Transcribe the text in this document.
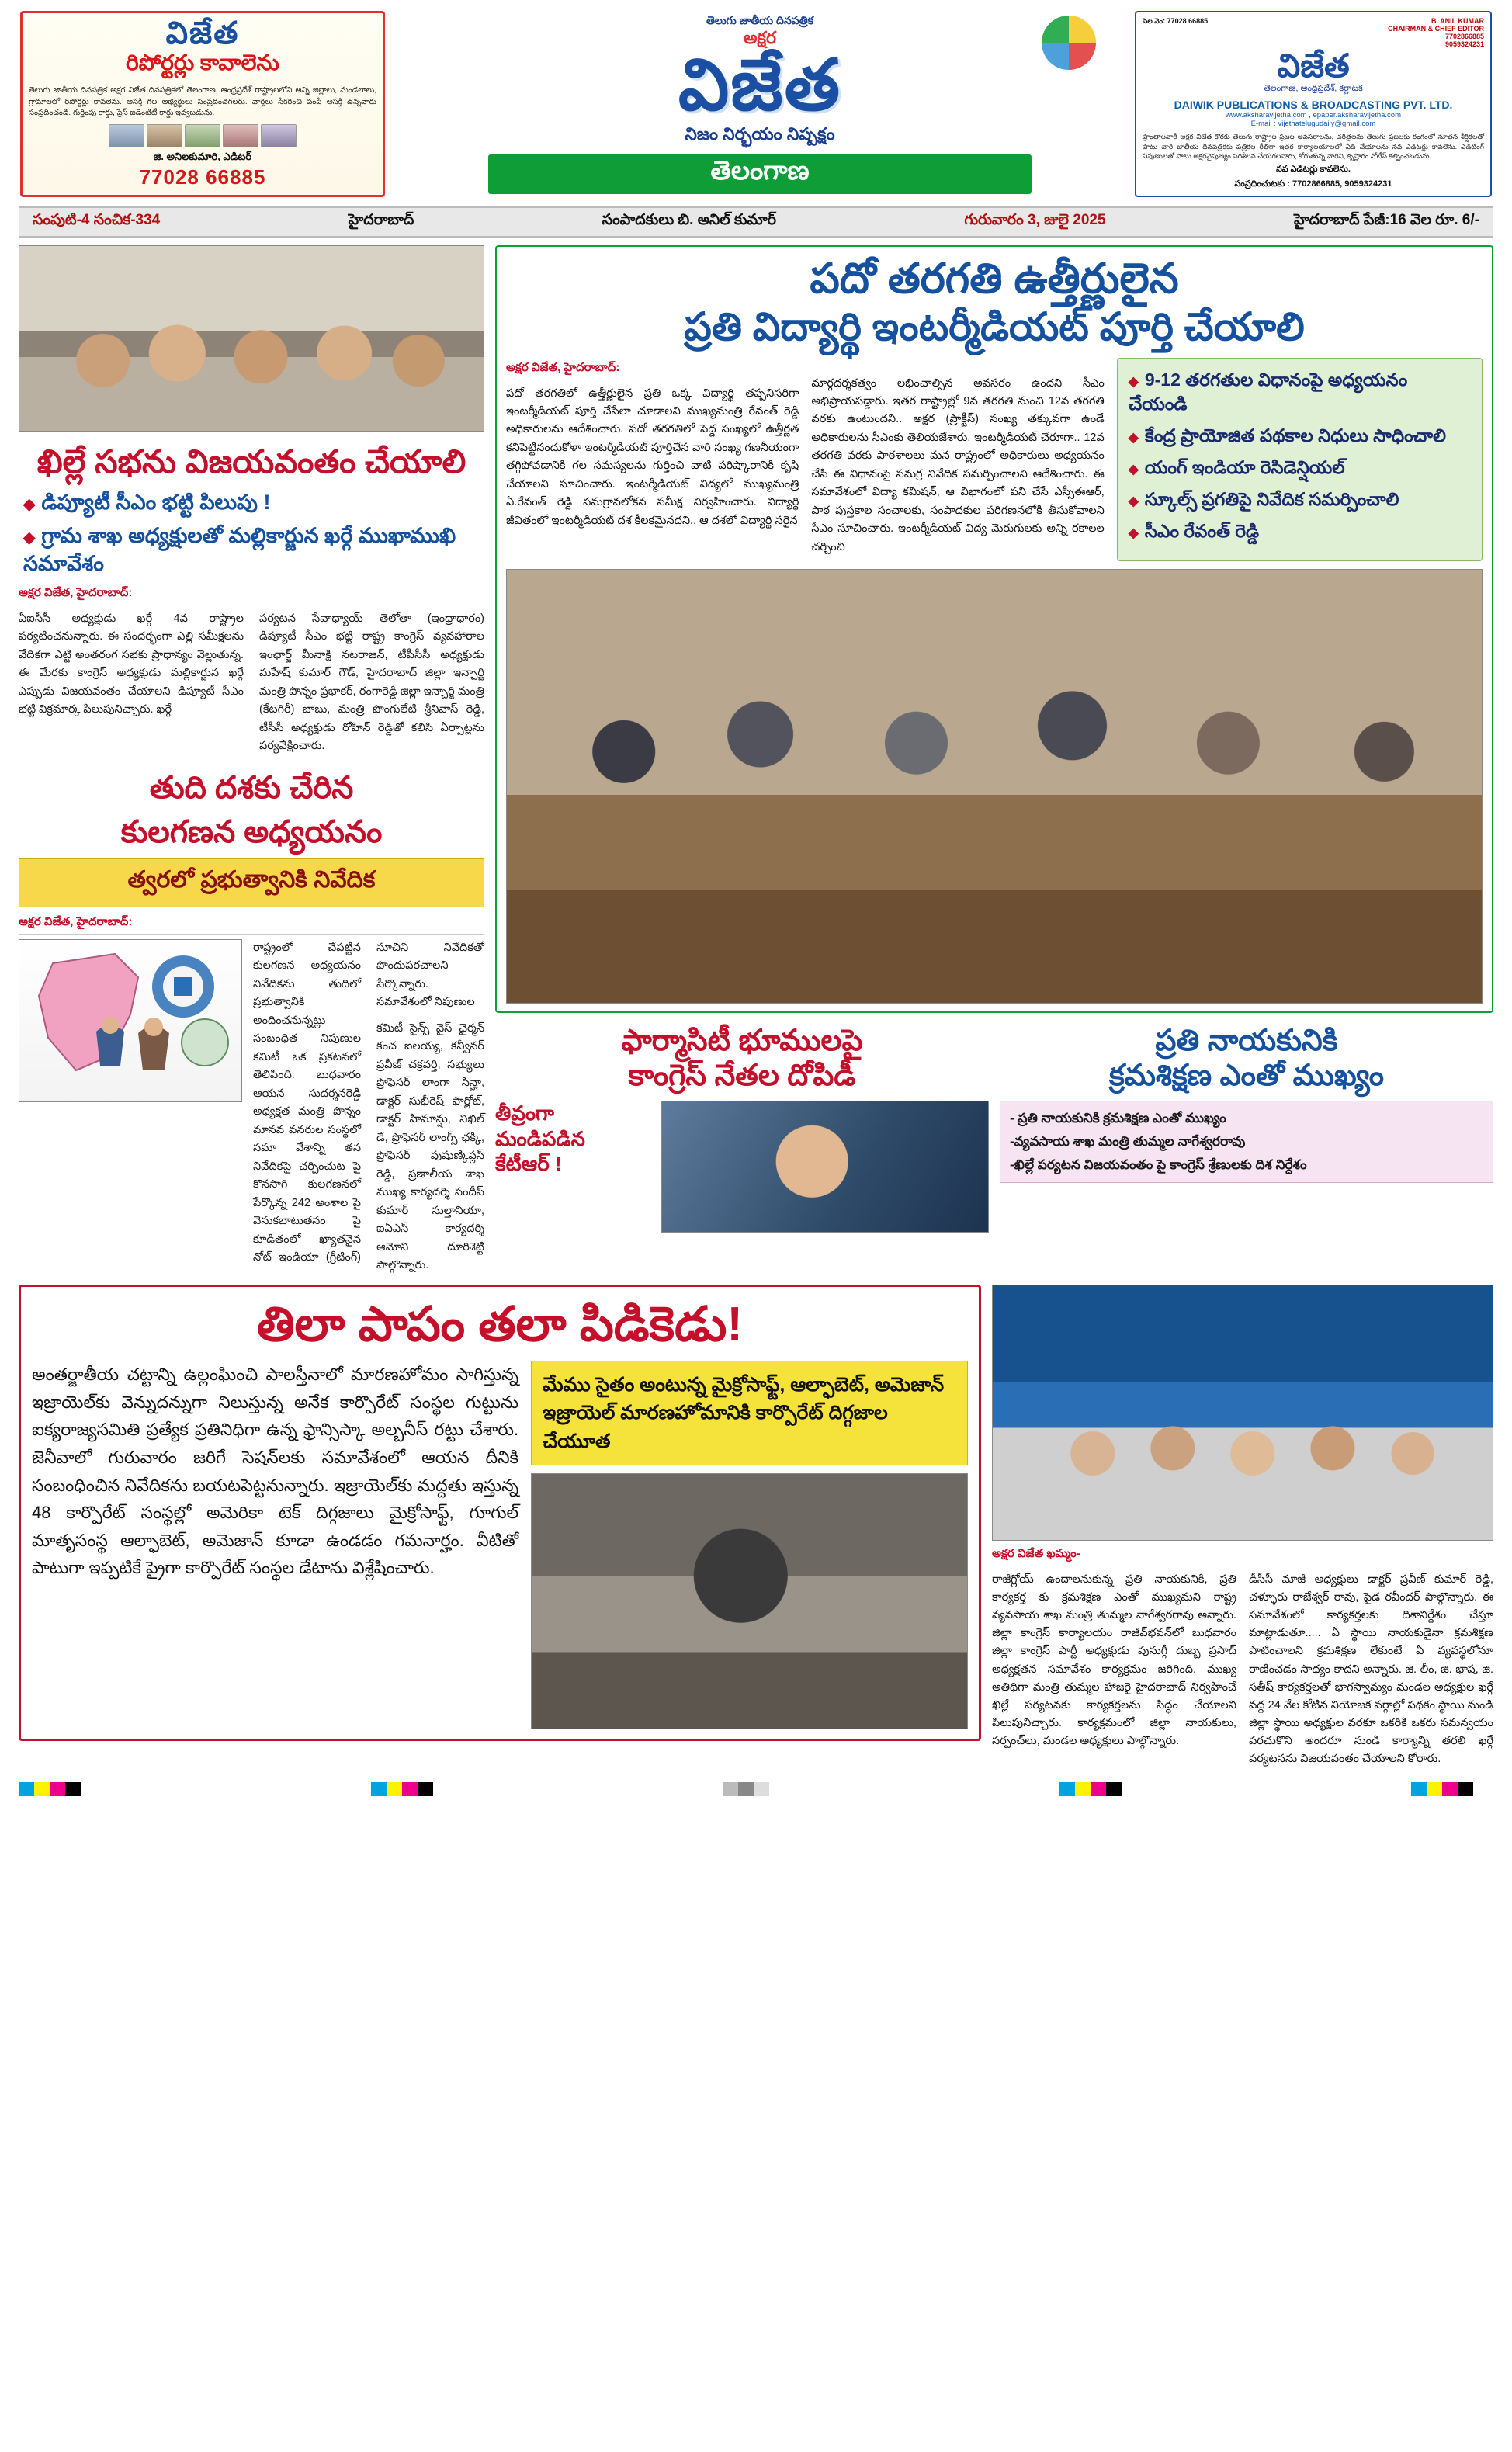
విజేత
రిపోర్టర్లు కావాలెను
తెలుగు జాతీయ దినపత్రిక అక్షర విజేత దినపత్రికలో తెలంగాణ, ఆంధ్రప్రదేశ్ రాష్ట్రాలలోని అన్ని జిల్లాలు, మండలాలు, గ్రామాలలో రిపోర్టర్లు కావలెను. ఆసక్తి గల అభ్యర్థులు సంప్రదించగలరు. వార్తలు సేకరించి పంపే ఆసక్తి ఉన్నవారు సంప్రదించండి. గుర్తింపు కార్డు, ప్రెస్ ఐడెంటిటీ కార్డు ఇవ్వబడును.
జి. అనిలకుమారి, ఎడిటర్
77028 66885
తెలుగు జాతీయ దినపత్రిక
అక్షర
విజేత
నిజం నిర్భయం నిష్పక్షం
తెలంగాణ
సెల నెం: 77028 66885	B. ANIL KUMAR
CHAIRMAN & CHIEF EDITOR
7702866885
9059324231
విజేత
తెలంగాణ, ఆంధ్రప్రదేశ్, కర్ణాటక
DAIWIK PUBLICATIONS & BROADCASTING PVT. LTD.
www.aksharavijetha.com , epaper.aksharavijetha.com
E-mail : vijethatelugudaily@gmail.com
ప్రాంతాలవారీ అక్షర విజేత కొరకు తెలుగు రాష్ట్రాల ప్రజల అవసరాలను, చరిత్రలను తెలుగు ప్రజలకు రంగంలో నూతన శీర్షికలతో పాటు వారి జాతీయ దినపత్రికకు పత్రికల రీతిగా ఇతర కార్యాలయాలలో ఏది చేయాలను నవ ఎడిటర్లు కావలెను. ఎడిటింగ్ నిపుణులతో పాటు అక్షరనైపుణ్యం పరిశీలన చేయగలవారు, కోరుతున్న వారిని, కృష్ణారం నోటీస్ కల్పించబడును.
నవ ఎడిటర్లు కావలెను.
సంప్రదించుటకు : 7702866885, 9059324231
సంపుటి-4 సంచిక-334	హైదరాబాద్	సంపాదకులు బి. అనిల్ కుమార్	గురువారం 3, జులై 2025	హైదరాబాద్ పేజీ:16 వెల రూ. 6/-
ఖిల్లే సభను విజయవంతం చేయాలి
◆ డిప్యూటీ సీఎం భట్టి పిలుపు !
◆ గ్రామ శాఖ అధ్యక్షులతో మల్లికార్జున ఖర్గే ముఖాముఖి సమావేశం
అక్షర విజేత, హైదరాబాద్:

ఏఐసీసీ అధ్యక్షుడు ఖర్గే 4వ రాష్ట్రాల పర్యటించనున్నారు. ఈ సందర్భంగా ఎల్లి సమీక్షలను వేదికగా ఎట్టి అంతరంగ సభకు ప్రాధాన్యం వెల్లుతున్న. ఈ మేరకు కాంగ్రెస్ అధ్యక్షుడు మల్లికార్జున ఖర్గే ఎప్పుడు విజయవంతం చేయాలని డిప్యూటీ సీఎం భట్టి విక్రమార్క పిలుపునిచ్చారు. ఖర్గే

పర్యటన సేవాధ్యాయ్ తెలోతా (ఇంధ్రాధారం) డిప్యూటీ సీఎం భట్టి రాష్ట్ర కాంగ్రెస్ వ్యవహారాల ఇంఛార్జ్ మీనాక్షి నటరాజన్, టీపీసీసీ అధ్యక్షుడు మహేష్ కుమార్ గౌడ్, హైదరాబాద్ జిల్లా ఇన్చార్జి మంత్రి పొన్నం ప్రభాకర్, రంగారెడ్డి జిల్లా ఇన్చార్జి మంత్రి (కేటగిరీ) బాబు, మంత్రి పొంగులేటి శ్రీనివాస్ రెడ్డి, టీసీసీ అధ్యక్షుడు రోహిన్ రెడ్డితో కలిసి ఏర్పాట్లను పర్యవేక్షించారు.

తుది దశకు చేరిన
కులగణన అధ్యయనం
త్వరలో ప్రభుత్వానికి నివేదిక
అక్షర విజేత, హైదరాబాద్:

రాష్ట్రంలో చేపట్టిన కులగణన అధ్యయనం నివేదికను తుదిలో ప్రభుత్వానికి అందించనున్నట్లు సంబంధిత నిపుణుల కమిటీ ఒక ప్రకటనలో తెలిపింది. బుధవారం ఆయన సుదర్శనరెడ్డి అధ్యక్షత మంత్రి పొన్నం మానవ వనరుల సంస్థలో సమా వేశాన్ని తన నివేదికపై చర్చించుట పై కొనసాగి కులగణనలో పేర్కొన్న 242 అంశాల పై వెనుకబాటుతనం పై కూడితంలో ఖ్యాతనైన నోట్ ఇండియా (గ్రీటింగ్) సూచిని నివేదికతో పొందుపరచాలని పేర్కొన్నారు. సమావేశంలో నిపుణుల

కమిటీ సైన్స్ వైస్ ఛైర్మన్ కంచ ఐలయ్య, కన్వీనర్ ప్రవీణ్ చక్రవర్తి, సభ్యులు ప్రొఫెసర్ లాంగా సిన్హా, డాక్టర్ సుభీరెష్ ఫార్లోట్, డాక్టర్ హిమాన్షు, నిఖిల్ డే, ప్రొఫెసర్ లాంగ్స్ ఛక్కి, ప్రొఫెసర్ పుషుణ్కిప్లస్ రెడ్డి, ప్రణాలీయ శాఖ ముఖ్య కార్యదర్శి సందీప్ కుమార్ సుల్తానియా, ఐఏఎస్ కార్యదర్శి ఆమోని దూరిశెట్టి పాల్గొన్నారు.

పదో తరగతి ఉత్తీర్ణులైన
ప్రతి విద్యార్థి ఇంటర్మీడియట్ పూర్తి చేయాలి
అక్షర విజేత, హైదరాబాద్:

పదో తరగతిలో ఉత్తీర్ణులైన ప్రతి ఒక్క విద్యార్థి తప్పనిసరిగా ఇంటర్మీడియట్ పూర్తి చేసేలా చూడాలని ముఖ్యమంత్రి రేవంత్ రెడ్డి అధికారులను ఆదేశించారు. పదో తరగతిలో పెద్ద సంఖ్యలో ఉత్తీర్ణత కనిపెట్టినందుకోళా ఇంటర్మీడియట్ పూర్తిచేస వారి సంఖ్య గణనీయంగా తగ్గిపోవడానికి గల సమస్యలను గుర్తించి వాటి పరిష్కారానికి కృషి చేయాలని సూచించారు. ఇంటర్మీడియట్ విద్యలో ముఖ్యమంత్రి ఏ.రేవంత్ రెడ్డి సమగ్రావలోకన సమీక్ష నిర్వహించారు. విద్యార్థి జీవితంలో ఇంటర్మీడియట్ దశ కీలకమైనదని.. ఆ దశలో విద్యార్థి సరైన

మార్గదర్శకత్వం లభించాల్సిన అవసరం ఉందని సీఎం అభిప్రాయపడ్డారు. ఇతర రాష్ట్రాల్లో 9వ తరగతి నుంచి 12వ తరగతి వరకు ఉంటుందని.. అక్షర (ప్రాక్టీస్) సంఖ్య తక్కువగా ఉండే అధికారులను సీఎంకు తెలియజేశారు. ఇంటర్మీడియట్ చేరూగా.. 12వ తరగతి వరకు పాఠశాలలు మన రాష్ట్రంలో అధికారులు అధ్యయనం చేసి ఈ విధానంపై సమగ్ర నివేదిక సమర్పించాలని ఆదేశించారు. ఈ సమావేశంలో విద్యా కమిషన్, ఆ విభాగంలో పని చేసే ఎస్సీఈఆర్, పాఠ పుస్తకాల సంచాలకు, సంపాదకుల పరిగణనలోకి తీసుకోవాలని సీఎం సూచించారు. ఇంటర్మీడియట్ విద్య మెరుగులకు అన్ని రకాలల చర్చించి

◆ 9-12 తరగతుల విధానంపై అధ్యయనం చేయండి
◆ కేంద్ర ప్రాయోజిత పథకాల నిధులు సాధించాలి
◆ యంగ్ ఇండియా రెసిడెన్షియల్
◆ స్కూల్స్ ప్రగతిపై నివేదిక సమర్పించాలి
◆ సీఎం రేవంత్ రెడ్డి
ఫార్మాసిటీ భూములపై
కాంగ్రెస్ నేతల దోపిడీ
తీవ్రంగా
మండిపడిన
కేటీఆర్ !
ప్రతి నాయకునికి
క్రమశిక్షణ ఎంతో ముఖ్యం

- ప్రతి నాయకునికి క్రమశిక్షణ ఎంతో ముఖ్యం

-వ్యవసాయ శాఖ మంత్రి తుమ్మల నాగేశ్వరరావు

-ఖిల్లే పర్యటన విజయవంతం పై కాంగ్రెస్ శ్రేణులకు దిశ నిర్దేశం

తిలా పాపం తలా పిడికెడు!
అంతర్జాతీయ చట్టాన్ని ఉల్లంఘించి పాలస్తీనాలో మారణహోమం సాగిస్తున్న ఇజ్రాయెల్‌కు వెన్నుదన్నుగా నిలుస్తున్న అనేక కార్పొరేట్ సంస్థల గుట్టును ఐక్యరాజ్యసమితి ప్రత్యేక ప్రతినిధిగా ఉన్న ఫ్రాన్సిస్కా అల్బనీస్ రట్టు చేశారు. జెనీవాలో గురువారం జరిగే సెషన్‌లకు సమావేశంలో ఆయన దీనికి సంబంధించిన నివేదికను బయటపెట్టనున్నారు. ఇజ్రాయెల్‌కు మద్దతు ఇస్తున్న 48 కార్పొరేట్ సంస్థల్లో అమెరికా టెక్ దిగ్గజాలు మైక్రోసాఫ్ట్, గూగుల్ మాతృసంస్థ ఆల్ఫాబెట్, అమెజాన్ కూడా ఉండడం గమనార్హం. వీటితో పాటుగా ఇప్పటికే ప్రైగా కార్పొరేట్ సంస్థల డేటాను విశ్లేషించారు.
మేము సైతం అంటున్న మైక్రోసాఫ్ట్, ఆల్ఫాబెట్, అమెజాన్ ఇజ్రాయెల్ మారణహోమానికి కార్పొరేట్ దిగ్గజాల చేయూత
అక్షర విజేత ఖమ్మం-

రాజీగ్లోయ్ ఉందాలనుకున్న ప్రతి నాయకునికి, ప్రతి కార్యకర్త కు క్రమశిక్షణ ఎంతో ముఖ్యమని రాష్ట్ర వ్యవసాయ శాఖ మంత్రి తుమ్మల నాగేశ్వరరావు అన్నారు. జిల్లా కాంగ్రెస్ కార్యాలయం రాజీవ్‌భవన్‌లో బుధవారం జిల్లా కాంగ్రెస్ పార్టీ అధ్యక్షుడు పునుగ్గీ దుబ్బ ప్రసాద్ అధ్యక్షతన సమావేశం కార్యక్రమం జరిగింది. ముఖ్య అతిథిగా మంత్రి తుమ్మల హాజరై హైదరాబాద్ నిర్వహించే ఖిల్లే పర్యటనకు కార్యకర్తలను సిద్ధం చేయాలని పిలుపునిచ్చారు. కార్యక్రమంలో జిల్లా నాయకులు, సర్పంచ్‌లు, మండల అధ్యక్షులు పాల్గొన్నారు.

డీసీసీ మాజీ అధ్యక్షులు డాక్టర్ ప్రవీణ్ కుమార్ రెడ్డి, చళ్ళూరు రాజేశ్వర్ రావు, పైడ రవీందర్ పాల్గొన్నారు. ఈ సమావేశంలో కార్యకర్తలకు దిశానిర్దేశం చేస్తూ మాట్లాడుతూ..... ఏ స్థాయి నాయకుడైనా క్రమశిక్షణ పాటించాలని క్రమశిక్షణ లేకుంటే ఏ వ్యవస్థలోనూ రాణించడం సాధ్యం కాదని అన్నారు. జి. లీం, జి. భాష, జి. సతీష్ కార్యకర్తలతో భాగస్వామ్యం మండల అధ్యక్షుల ఖర్గే వద్ద 24 వేల కోటిన నియోజక వర్గాల్లో పథకం స్థాయి నుండి జిల్లా స్థాయి అధ్యక్షుల వరకూ ఒకరికి ఒకరు సమన్వయం పరచుకొని అందరూ నుండి కార్యాన్ని తరలి ఖర్గే పర్యటనను విజయవంతం చేయాలని కోరారు.
